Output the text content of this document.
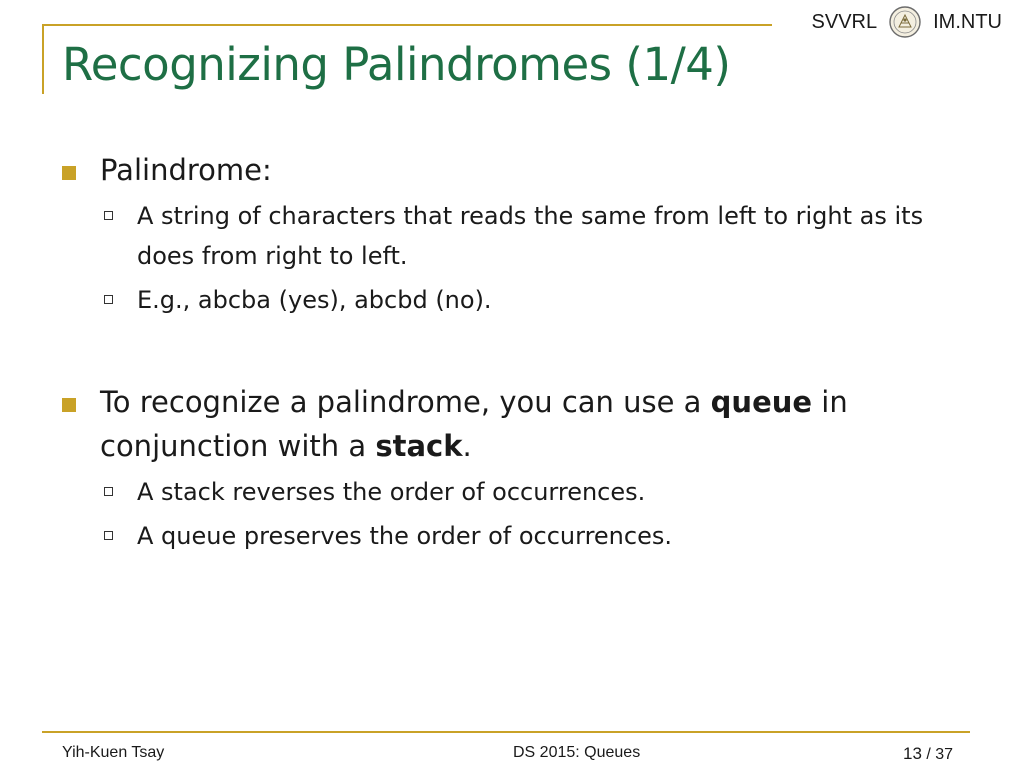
SVVRL	IM.NTU
Recognizing Palindromes (1/4)
Palindrome:
A string of characters that reads the same from left to right as its does from right to left.
E.g., abcba (yes), abcbd (no).
To recognize a palindrome, you can use a queue in conjunction with a stack.
A stack reverses the order of occurrences.
A queue preserves the order of occurrences.
Yih-Kuen Tsay	DS 2015: Queues	13 / 37
